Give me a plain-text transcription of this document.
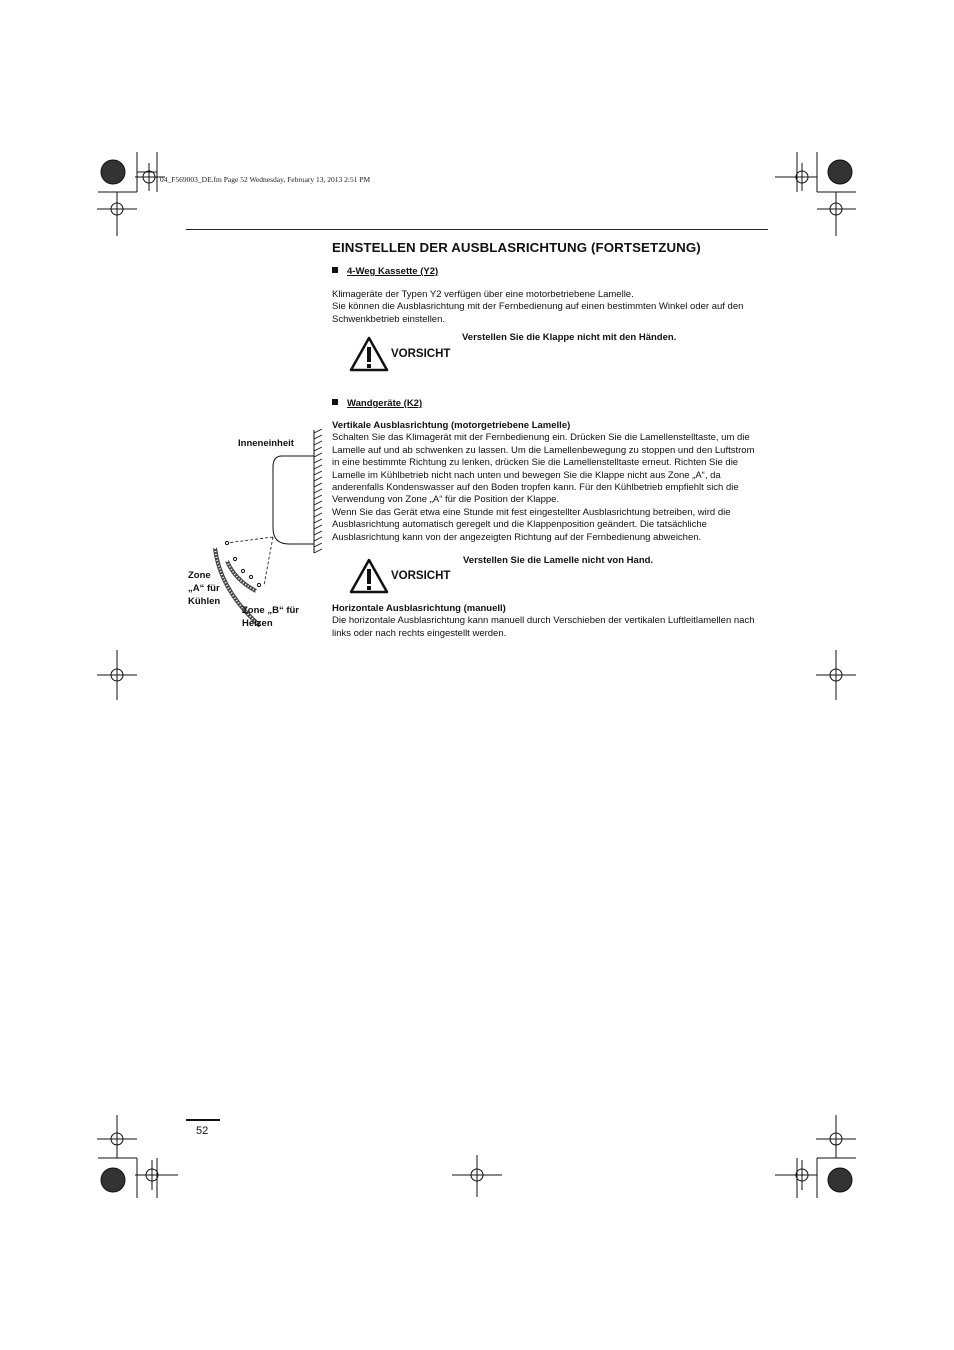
04_F569003_DE.fm Page 52 Wednesday, February 13, 2013 2:51 PM
EINSTELLEN DER AUSBLASRICHTUNG (FORTSETZUNG)
4-Weg Kassette (Y2)

Klimageräte der Typen Y2 verfügen über eine motorbetriebene Lamelle.

Sie können die Ausblasrichtung mit der Fernbedienung auf einen bestimmten Winkel oder auf den Schwenkbetrieb einstellen.

Verstellen Sie die Klappe nicht mit den Händen.
VORSICHT
Wandgeräte (K2)

Vertikale Ausblasrichtung (motorgetriebene Lamelle)

Schalten Sie das Klimagerät mit der Fernbedienung ein. Drücken Sie die Lamellenstelltaste, um die Lamelle auf und ab schwenken zu lassen. Um die Lamellenbewegung zu stoppen und den Luftstrom in eine bestimmte Richtung zu lenken, drücken Sie die Lamellenstelltaste erneut. Richten Sie die Lamelle im Kühlbetrieb nicht nach unten und bewegen Sie die Klappe nicht aus Zone „A“, da anderenfalls Kondenswasser auf den Boden tropfen kann. Für den Kühlbetrieb empfiehlt sich die Verwendung von Zone „A“ für die Position der Klappe.

Wenn Sie das Gerät etwa eine Stunde mit fest eingestellter Ausblasrichtung betreiben, wird die Ausblasrichtung automatisch geregelt und die Klappenposition geändert. Die tatsächliche Ausblasrichtung kann von der angezeigten Richtung auf der Fernbedienung abweichen.

Verstellen Sie die Lamelle nicht von Hand.
VORSICHT

Horizontale Ausblasrichtung (manuell)

Die horizontale Ausblasrichtung kann manuell durch Verschieben der vertikalen Luftleitlamellen nach links oder nach rechts eingestellt werden.

Inneneinheit
Zone
„A“ für
Kühlen
Zone „B“ für
Heizen
52
